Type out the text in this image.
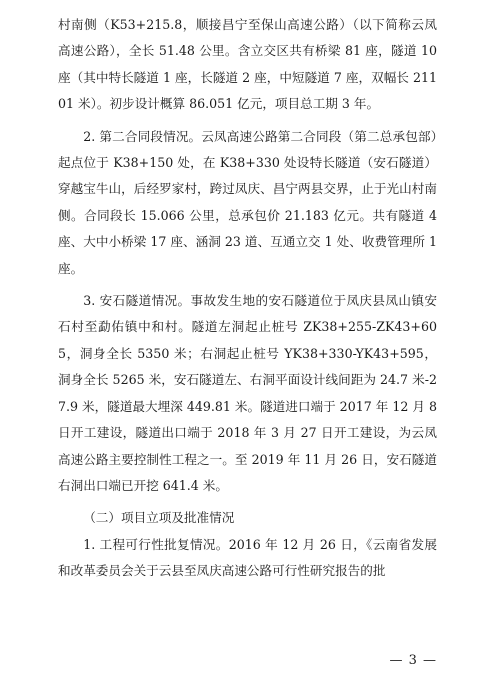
村南侧（K53+215.8，顺接昌宁至保山高速公路）（以下简称云凤高速公路），全长 51.48 公里。含立交区共有桥梁 81 座，隧道 10 座（其中特长隧道 1 座，长隧道 2 座，中短隧道 7 座，双幅长 21101 米）。初步设计概算 86.051 亿元，项目总工期 3 年。

2. 第二合同段情况。云凤高速公路第二合同段（第二总承包部）起点位于 K38+150 处，在 K38+330 处设特长隧道（安石隧道）穿越宝牛山，后经罗家村，跨过凤庆、昌宁两县交界，止于光山村南侧。合同段长 15.066 公里，总承包价 21.183 亿元。共有隧道 4 座、大中小桥梁 17 座、涵洞 23 道、互通立交 1 处、收费管理所 1 座。

3. 安石隧道情况。事故发生地的安石隧道位于凤庆县凤山镇安石村至勐佑镇中和村。隧道左洞起止桩号 ZK38+255-ZK43+605，洞身全长 5350 米；右洞起止桩号 YK38+330-YK43+595，洞身全长 5265 米，安石隧道左、右洞平面设计线间距为 24.7 米-27.9 米，隧道最大埋深 449.81 米。隧道进口端于 2017 年 12 月 8 日开工建设，隧道出口端于 2018 年 3 月 27 日开工建设，为云凤高速公路主要控制性工程之一。至 2019 年 11 月 26 日，安石隧道右洞出口端已开挖 641.4 米。

（二）项目立项及批准情况

1. 工程可行性批复情况。2016 年 12 月 26 日，《云南省发展和改革委员会关于云县至凤庆高速公路可行性研究报告的批

— 3 —
